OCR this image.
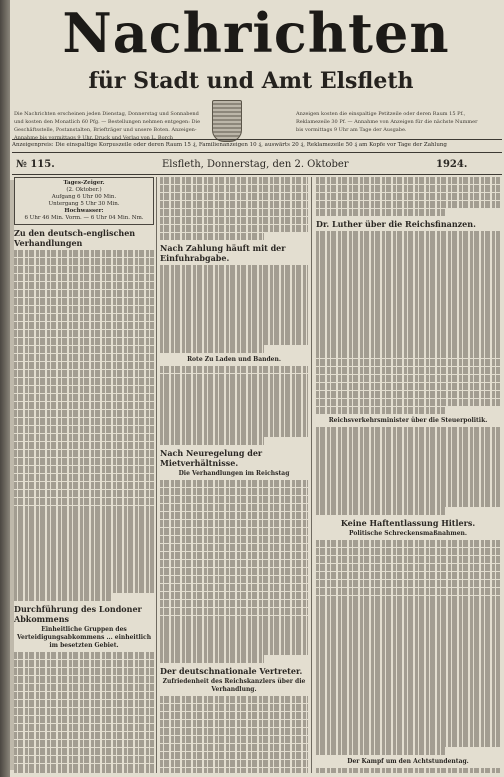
Nachrichten
für Stadt und Amt Elsfleth
Die Nachrichten erscheinen jeden Dienstag, Donnerstag und Sonnabend und kosten den Monatlich 60 Pfg. — Bestellungen nehmen entgegen: Die Geschäftsstelle, Postanstalten, Briefträger und unsere Boten. Anzeigen-Annahme bis vormittags 9 Uhr. Druck und Verlag von L. Borch
Anzeigen kosten die einspaltige Petitzeile oder deren Raum 15 Pf., Reklamezeile 30 Pf. — Annahme von Anzeigen für die nächste Nummer bis vormittags 9 Uhr am Tage der Ausgabe.
Anzeigenpreis: Die einspaltige Korpuszeile oder deren Raum 15 ₰, Familienanzeigen 10 ₰, auswärts 20 ₰, Reklamezeile 50 ₰ am Kopfe vor Tage der Zahlung
№ 115.	Elsfleth, Donnerstag, den 2. Oktober	1924.
Tages-Zeiger.
(2. Oktober.)
Aufgang 6 Uhr 00 Min.
Untergang 5 Uhr 30 Min.
Hochwasser:
6 Uhr 46 Min. Vorm. — 6 Uhr 04 Min. Nm.
Zu den deutsch-englischen Verhandlungen
Durchführung des Londoner Abkommens
Einheitliche Gruppen des Verteidigungsabkommens ... einheitlich im besetzten Gebiet.
Nach Zahlung häuft mit der Einfuhrabgabe.
Rote Zu Laden und Banden.
Nach Neuregelung der Mietverhältnisse.
Die Verhandlungen im Reichstag
Der deutschnationale Vertreter.
Zufriedenheit des Reichskanzlers über die Verhandlung.
Dr. Luther über die Reichsfinanzen.
Reichsverkehrsminister über die Steuerpolitik.
Keine Haftentlassung Hitlers.
Politische Schreckensmaßnahmen.
Der Kampf um den Achtstundentag.
